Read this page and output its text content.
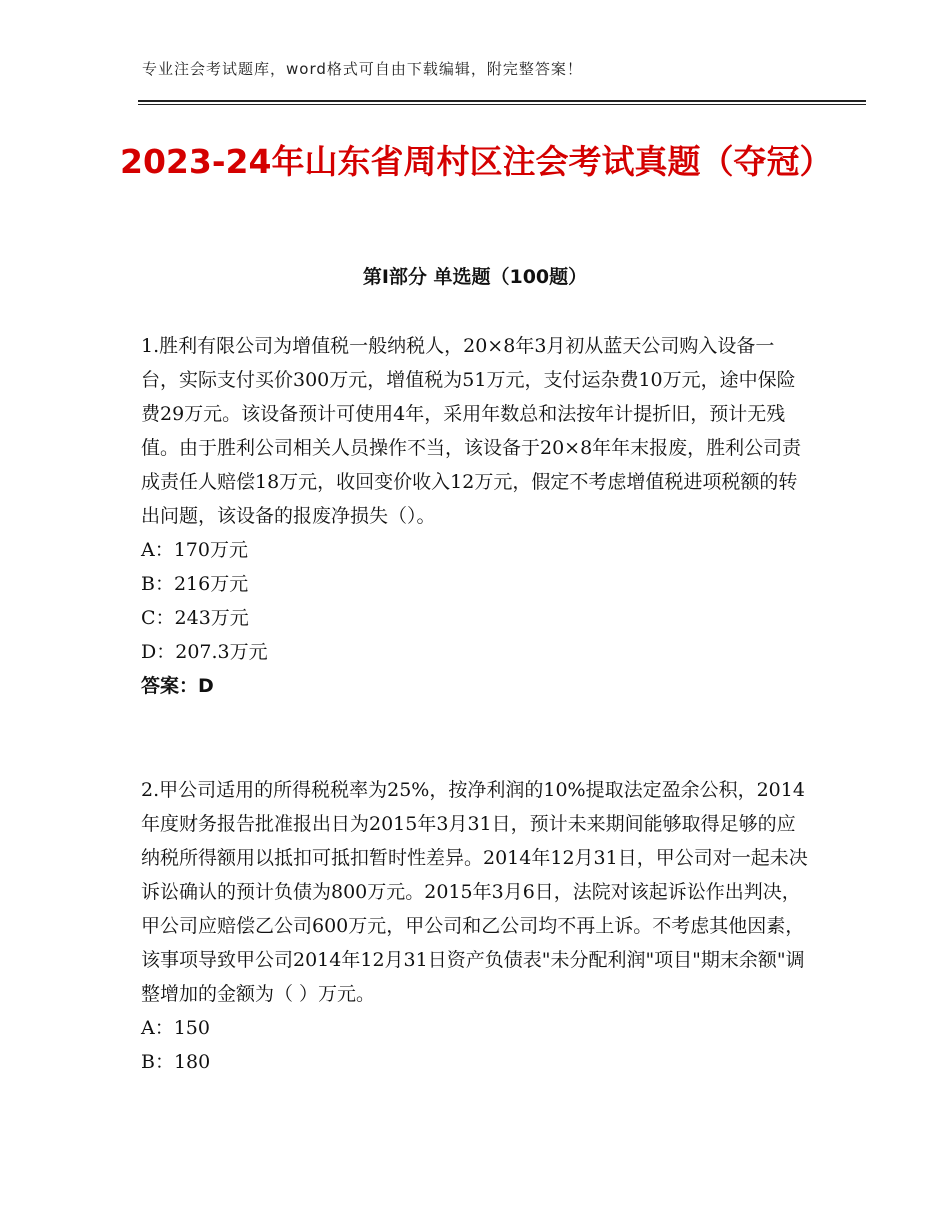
专业注会考试题库，word格式可自由下载编辑，附完整答案！
2023-24年山东省周村区注会考试真题（夺冠）
第I部分 单选题（100题）

1.胜利有限公司为增值税一般纳税人，20×8年3月初从蓝天公司购入设备一台，实际支付买价300万元，增值税为51万元，支付运杂费10万元，途中保险费29万元。该设备预计可使用4年，采用年数总和法按年计提折旧，预计无残值。由于胜利公司相关人员操作不当，该设备于20×8年年末报废，胜利公司责成责任人赔偿18万元，收回变价收入12万元，假定不考虑增值税进项税额的转出问题，该设备的报废净损失（）。

A：170万元

B：216万元

C：243万元

D：207.3万元

答案：D

2.甲公司适用的所得税税率为25%，按净利润的10%提取法定盈余公积，2014年度财务报告批准报出日为2015年3月31日，预计未来期间能够取得足够的应纳税所得额用以抵扣可抵扣暂时性差异。2014年12月31日，甲公司对一起未决诉讼确认的预计负债为800万元。2015年3月6日，法院对该起诉讼作出判决，甲公司应赔偿乙公司600万元，甲公司和乙公司均不再上诉。不考虑其他因素，该事项导致甲公司2014年12月31日资产负债表"未分配利润"项目"期末余额"调整增加的金额为（ ）万元。

A：150

B：180
